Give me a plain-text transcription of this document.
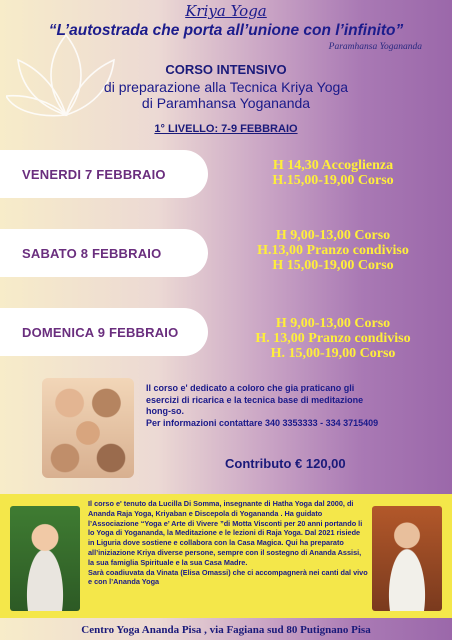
Kriya Yoga
“L’autostrada che porta all’unione con l’infinito”
Paramhansa Yogananda
CORSO INTENSIVO
di preparazione alla Tecnica Kriya Yoga
di Paramhansa Yogananda
1° LIVELLO: 7-9 FEBBRAIO
VENERDI 7 FEBBRAIO
H 14,30 Accoglienza
H.15,00-19,00 Corso
SABATO 8 FEBBRAIO
H 9,00-13,00 Corso
H.13,00 Pranzo condiviso
H 15,00-19,00 Corso
DOMENICA 9 FEBBRAIO
H 9,00-13,00 Corso
H. 13,00 Pranzo condiviso
H. 15,00-19,00 Corso
Il corso e' dedicato a coloro che gia praticano gli
esercizi di ricarica e la tecnica base di meditazione
hong-so.
Per informazioni contattare 340 3353333 - 334 3715409
Contributo € 120,00
Il corso e' tenuto da Lucilla Di Somma, insegnante di Hatha Yoga dal 2000, di Ananda Raja Yoga, Kriyaban e Discepola di Yogananda . Ha guidato l’Associazione “Yoga e’ Arte di Vivere ”di Motta Visconti per 20 anni portando li lo Yoga di Yogananda, la Meditazione e le lezioni di Raja Yoga. Dal 2021 risiede in Liguria dove sostiene e collabora con la Casa Magica. Qui ha preparato all’iniziazione Kriya diverse persone, sempre con il sostegno di Ananda Assisi, la sua famiglia Spirituale e la sua Casa Madre.
Sarà coadiuvata da Vinata (Elisa Omassi) che ci accompagnerà nei canti dal vivo e con l’Ananda Yoga
Centro Yoga Ananda Pisa , via Fagiana sud 80 Putignano Pisa
